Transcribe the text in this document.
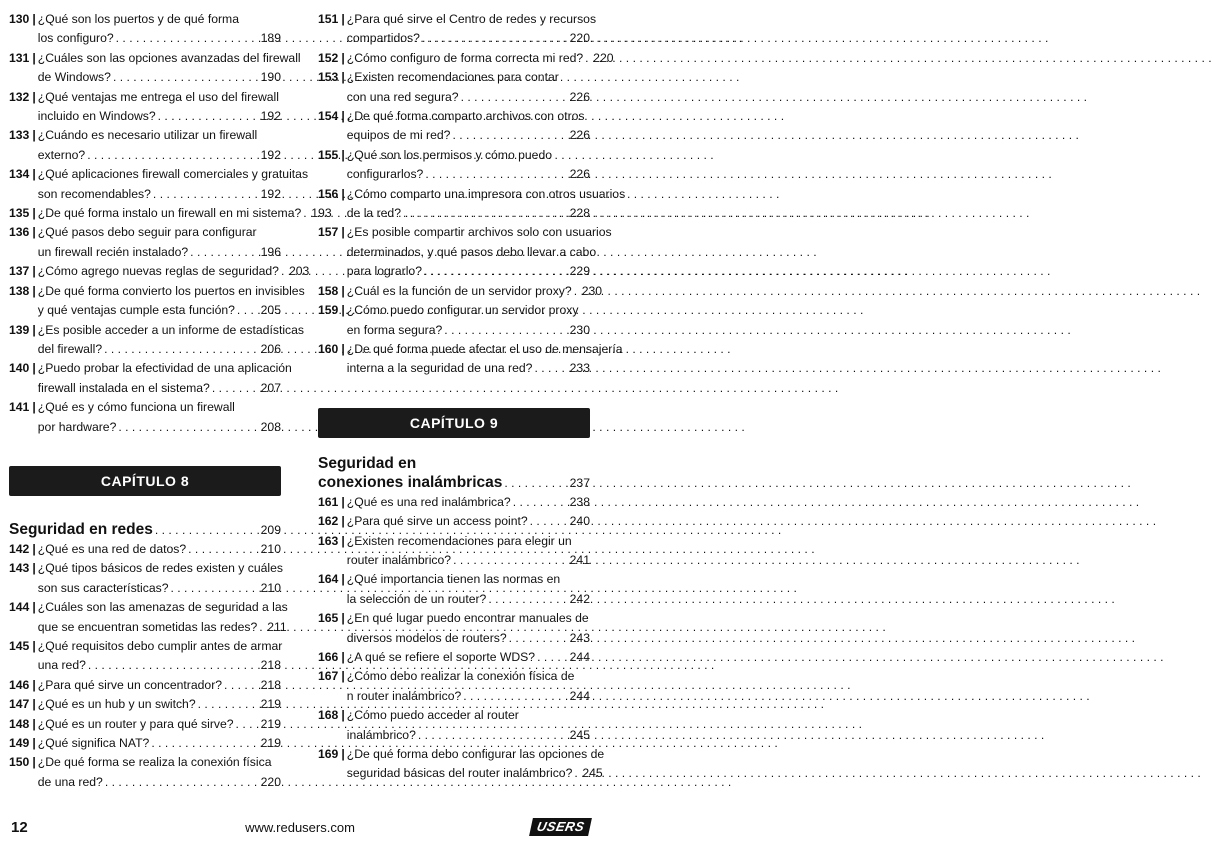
130 | ¿Qué son los puertos y de qué forma
los configuro? . . .	189
131 | ¿Cuáles son las opciones avanzadas del firewall
de Windows? . . .	190
132 | ¿Qué ventajas me entrega el uso del firewall
incluido en Windows? . . .	192
133 | ¿Cuándo es necesario utilizar un firewall
externo? . . .	192
134 | ¿Qué aplicaciones firewall comerciales y gratuitas
son recomendables? . . .	192
135 | ¿De qué forma instalo un firewall en mi sistema? . . . 193
136 | ¿Qué pasos debo seguir para configurar
un firewall recién instalado? . . .	196
137 | ¿Cómo agrego nuevas reglas de seguridad? . . . 203
138 | ¿De qué forma convierto los puertos en invisibles
y qué ventajas cumple esta función? . . . 205
139 | ¿Es posible acceder a un informe de estadísticas
del firewall? . . .	206
140 | ¿Puedo probar la efectividad de una aplicación
firewall instalada en el sistema? . . .	207
141 | ¿Qué es y cómo funciona un firewall
por hardware? . . .	208
CAPÍTULO 8
Seguridad en redes . . .	209
142 | ¿Qué es una red de datos? . . .	210
143 | ¿Qué tipos básicos de redes existen y cuáles
son sus características? . . .	210
144 | ¿Cuáles son las amenazas de seguridad a las
que se encuentran sometidas las redes? . . . 211
145 | ¿Qué requisitos debo cumplir antes de armar
una red? . . .	218
146 | ¿Para qué sirve un concentrador? . . .	218
147 | ¿Qué es un hub y un switch? . . .	219
148 | ¿Qué es un router y para qué sirve? . . . 219
149 | ¿Qué significa NAT? . . .	219
150 | ¿De qué forma se realiza la conexión física
de una red? . . .	220
151 | ¿Para qué sirve el Centro de redes y recursos
compartidos? . . .	220
152 | ¿Cómo configuro de forma correcta mi red? . . . 220
153 | ¿Existen recomendaciones para contar
con una red segura? . . .	226
154 | ¿De qué forma comparto archivos con otros
equipos de mi red? . . .	226
155 | ¿Qué son los permisos y cómo puedo
configurarlos? . . .	226
156 | ¿Cómo comparto una impresora con otros usuarios
de la red? . . .	228
157 | ¿Es posible compartir archivos solo con usuarios
determinados, y qué pasos debo llevar a cabo
para lograrlo? . . .	229
158 | ¿Cuál es la función de un servidor proxy? . . . 230
159 | ¿Cómo puedo configurar un servidor proxy
en forma segura? . . .	230
160 | ¿De qué forma puede afectar el uso de mensajería
interna a la seguridad de una red? . . .	233
CAPÍTULO 9
Seguridad en
conexiones inalámbricas . . .	237
161 | ¿Qué es una red inalámbrica? . . .	238
162 | ¿Para qué sirve un access point? . . .	240
163 | ¿Existen recomendaciones para elegir un
router inalámbrico? . . .	241
164 | ¿Qué importancia tienen las normas en
la selección de un router? . . .	242
165 | ¿En qué lugar puedo encontrar manuales de
diversos modelos de routers? . . .	243
166 | ¿A qué se refiere el soporte WDS? . . .	244
167 | ¿Cómo debo realizar la conexión física de
n router inalámbrico? . . .	244
168 | ¿Cómo puedo acceder al router
inalámbrico? . . .	245
169 | ¿De qué forma debo configurar las opciones de
seguridad básicas del router inalámbrico? . . . 245
12	www.redusers.com	USERS
